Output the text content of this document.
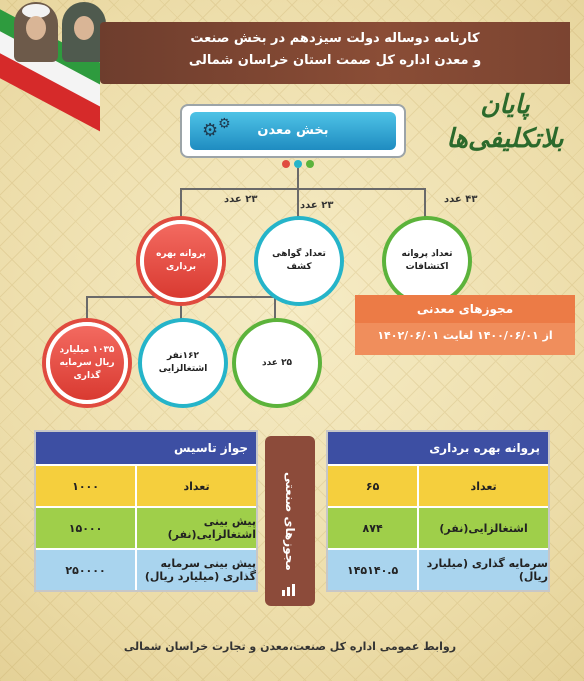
کارنامه دوساله دولت سیزدهم در بخش صنعت
و معدن اداره کل صمت استان خراسان شمالی
پایان
بلاتکلیفی‌ها
بخش معدن
⚙ ⚙
۲۳ عدد
۲۳ عدد
۴۳ عدد
پروانه بهره برداری
تعداد گواهی کشف
تعداد پروانه اکتشافات
۱۰۳۵ میلیارد ریال سرمایه گذاری
۱۶۲نفر اشتغالزایی
۲۵ عدد
مجوزهای معدنی
از ۱۴۰۰/۰۶/۰۱ لغایت ۱۴۰۲/۰۶/۰۱
جواز تاسیس
تعداد
۱۰۰۰
پیش بینی اشتغالزایی(نفر)
۱۵۰۰۰
پیش بینی سرمایه گذاری (میلیارد ریال)
۲۵۰۰۰۰	مجوزهای صنعتی
پروانه بهره برداری
تعداد
۶۵
اشتغالزایی(نفر)
۸۷۴
سرمایه گذاری (میلیارد ریال)
۱۴۵۱۴۰.۵
روابط عمومی اداره کل صنعت،معدن و تجارت خراسان شمالی
